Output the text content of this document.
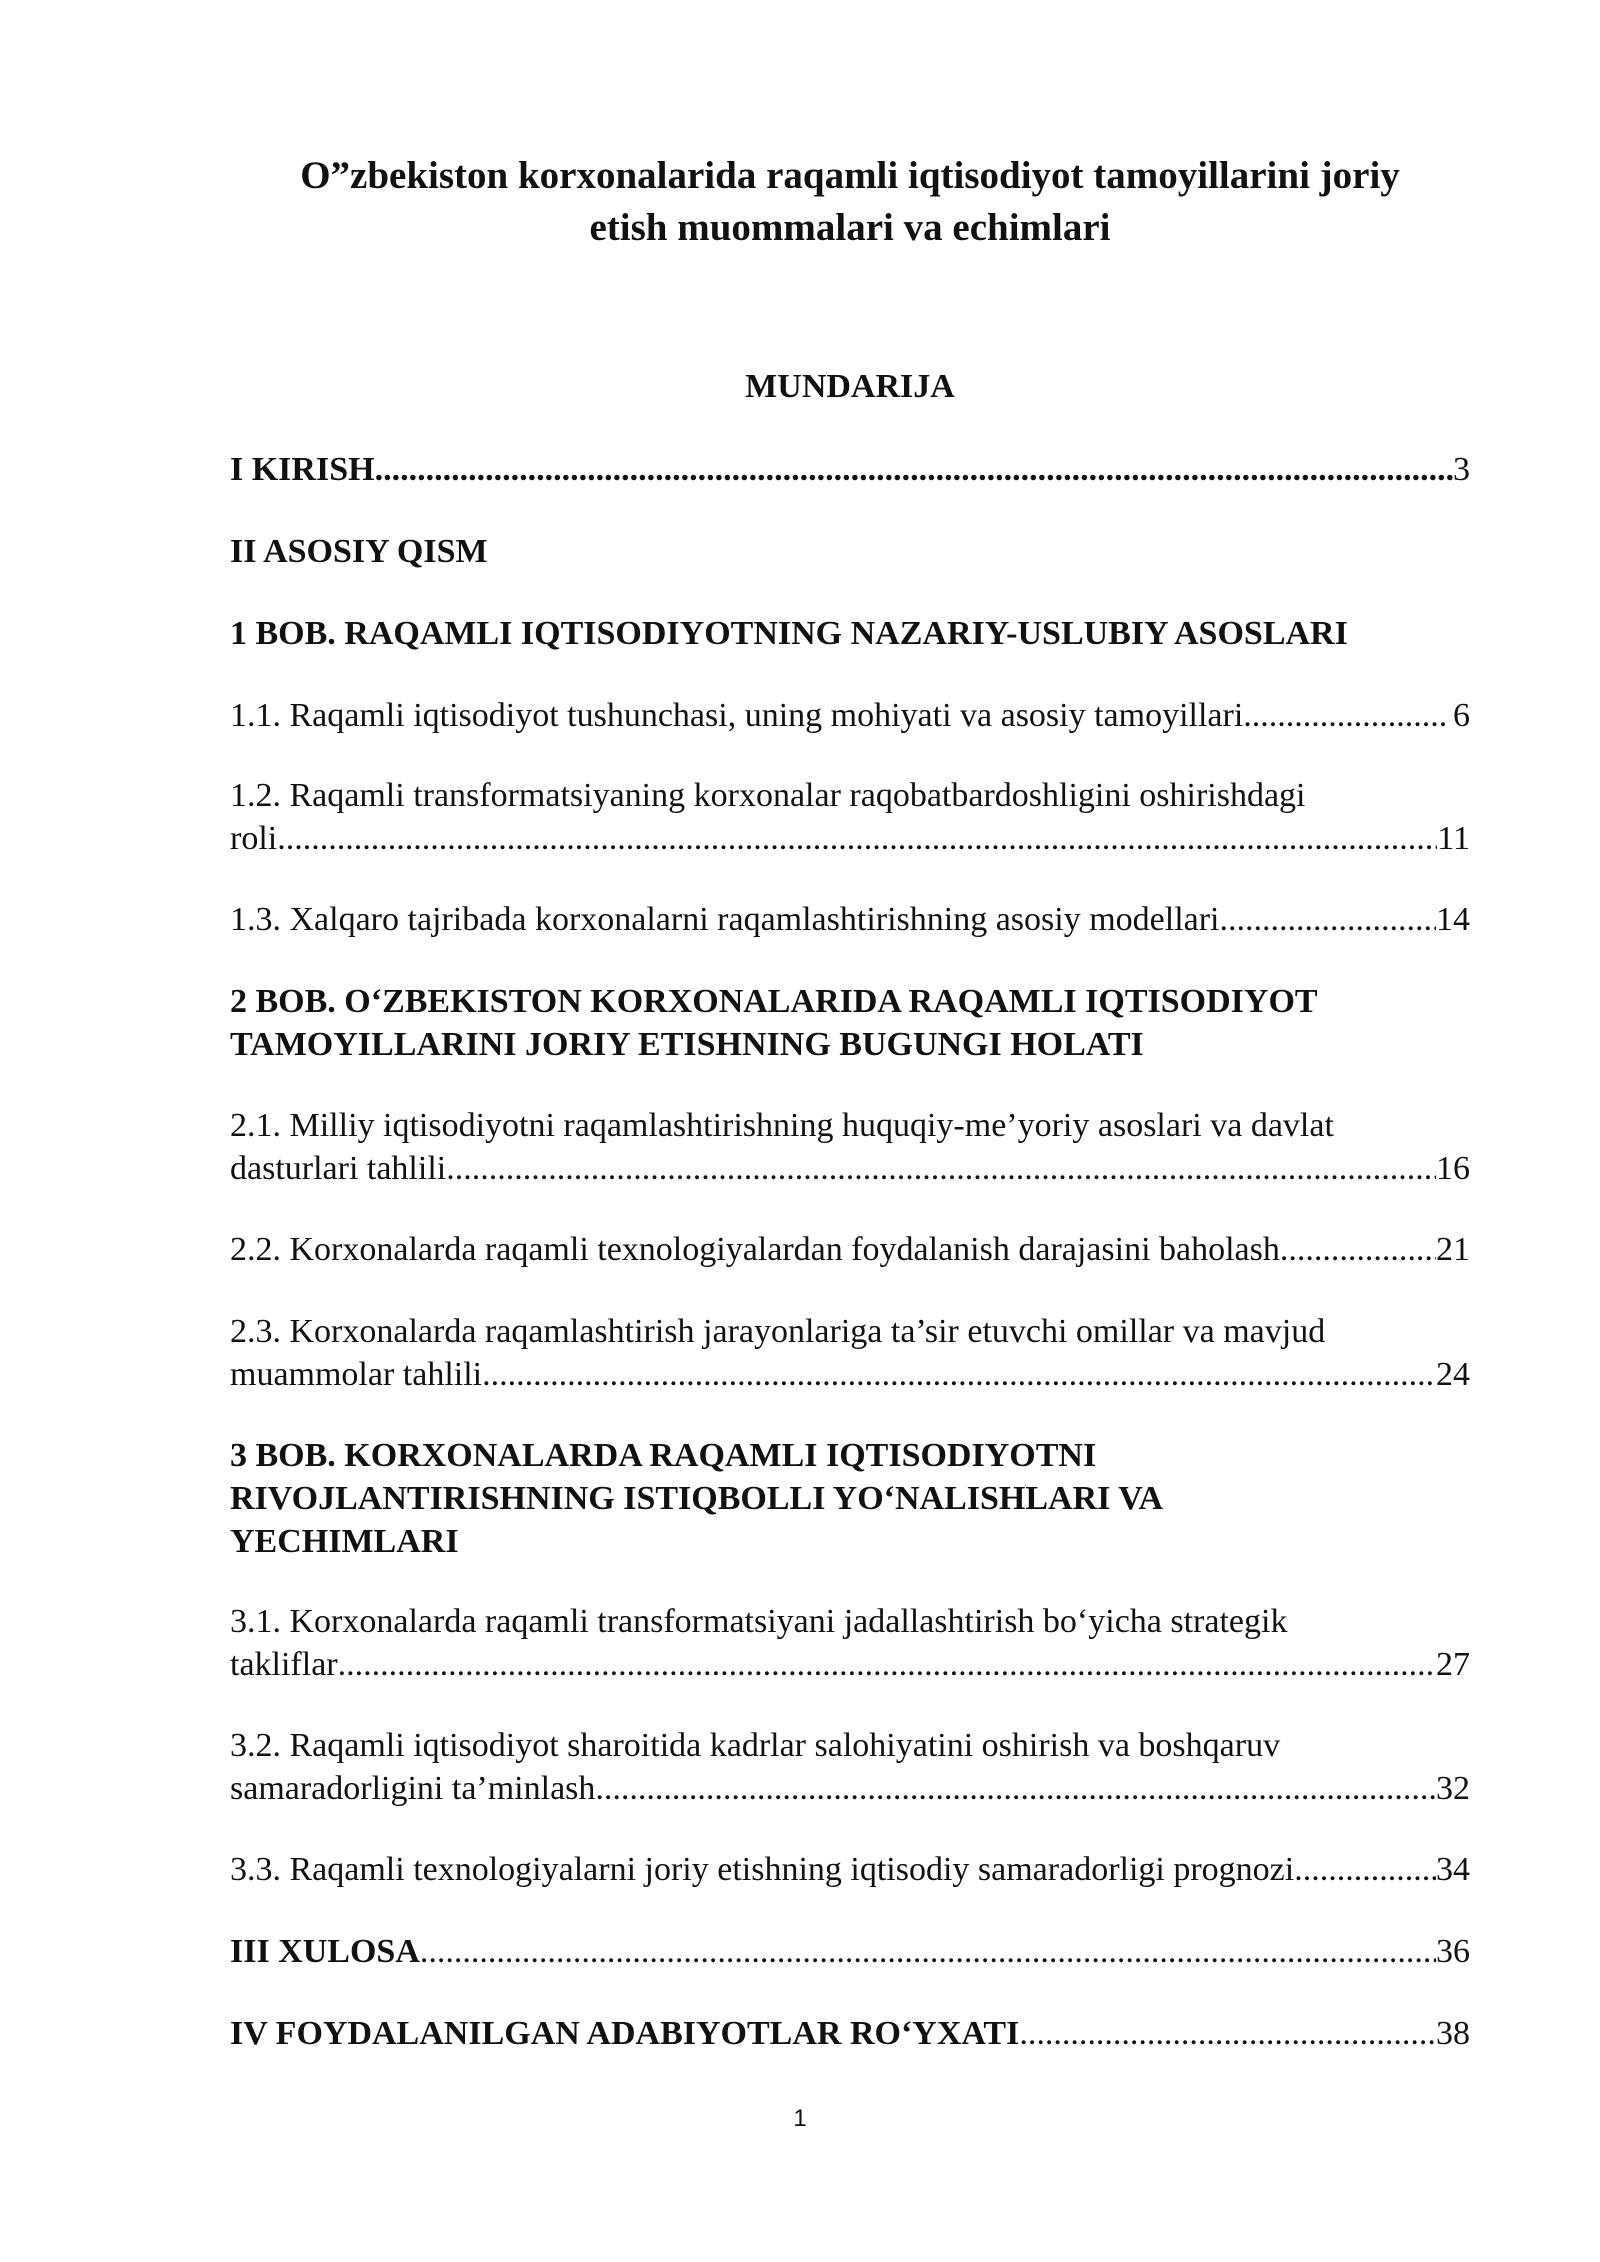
O”zbekiston korxonalarida raqamli iqtisodiyot tamoyillarini joriy
etish muommalari va echimlari
MUNDARIJA
I KIRISH .....	3
II ASOSIY QISM
1 BOB. RAQAMLI IQTISODIYOTNING NAZARIY-USLUBIY ASOSLARI
1.1. Raqamli iqtisodiyot tushunchasi, uning mohiyati va asosiy tamoyillari .....	6
1.2. Raqamli transformatsiyaning korxonalar raqobatbardoshligini oshirishdagi
roli....... .....	11
1.3. Xalqaro tajribada korxonalarni raqamlashtirishning asosiy modellari .....	14
2 BOB. O‘ZBEKISTON KORXONALARIDA RAQAMLI IQTISODIYOT
TAMOYILLARINI JORIY ETISHNING BUGUNGI HOLATI
2.1. Milliy iqtisodiyotni raqamlashtirishning huquqiy-me’yoriy asoslari va davlat
dasturlari tahlili .....	16
2.2. Korxonalarda raqamli texnologiyalardan foydalanish darajasini baholash .....	21
2.3. Korxonalarda raqamlashtirish jarayonlariga ta’sir etuvchi omillar va mavjud
muammolar tahlili .....	24
3 BOB. KORXONALARDA RAQAMLI IQTISODIYOTNI
RIVOJLANTIRISHNING ISTIQBOLLI YO‘NALISHLARI VA
YECHIMLARI
3.1. Korxonalarda raqamli transformatsiyani jadallashtirish bo‘yicha strategik
takliflar .....	27
3.2. Raqamli iqtisodiyot sharoitida kadrlar salohiyatini oshirish va boshqaruv
samaradorligini ta’minlash .....	32
3.3. Raqamli texnologiyalarni joriy etishning iqtisodiy samaradorligi prognozi .....	34
III XULOSA .....	36
IV FOYDALANILGAN ADABIYOTLAR RO‘YXATI .....	38
1
